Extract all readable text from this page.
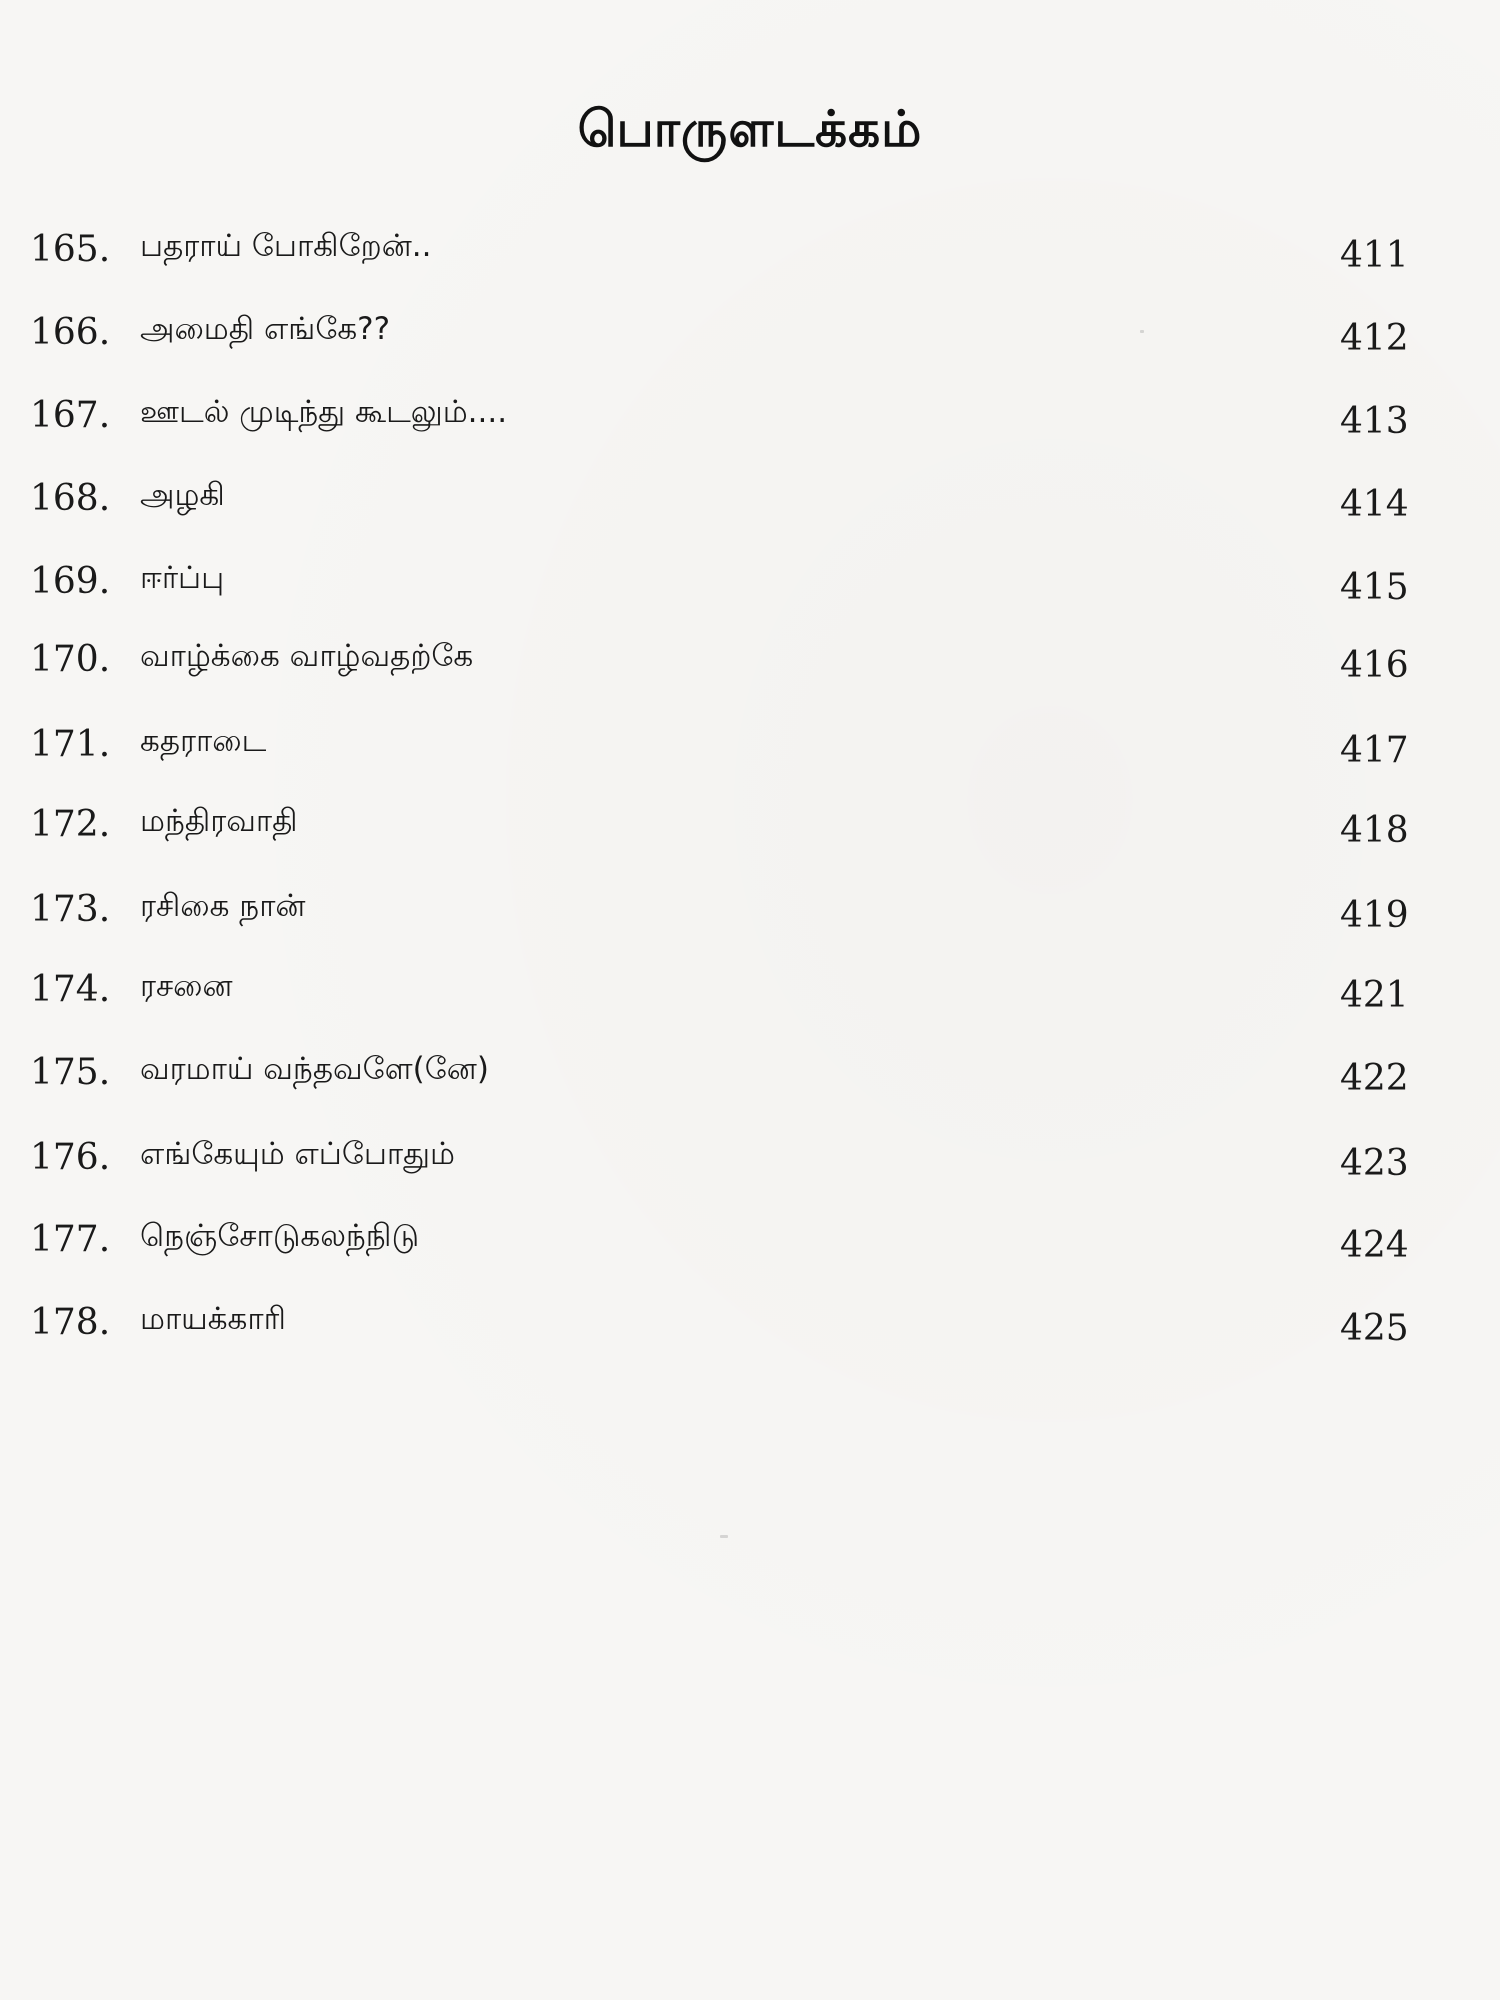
பொருளடக்கம்
165. பதராய் போகிறேன்..	411
166. அமைதி எங்கே??	412
167. ஊடல் முடிந்து கூடலும்....	413
168. அழகி	414
169. ஈர்ப்பு	415
170. வாழ்க்கை வாழ்வதற்கே	416
171. கதராடை	417
172. மந்திரவாதி	418
173. ரசிகை நான்	419
174. ரசனை	421
175. வரமாய் வந்தவளே(னே)	422
176. எங்கேயும் எப்போதும்	423
177. நெஞ்சோடுகலந்நிடு	424
178. மாயக்காரி	425
